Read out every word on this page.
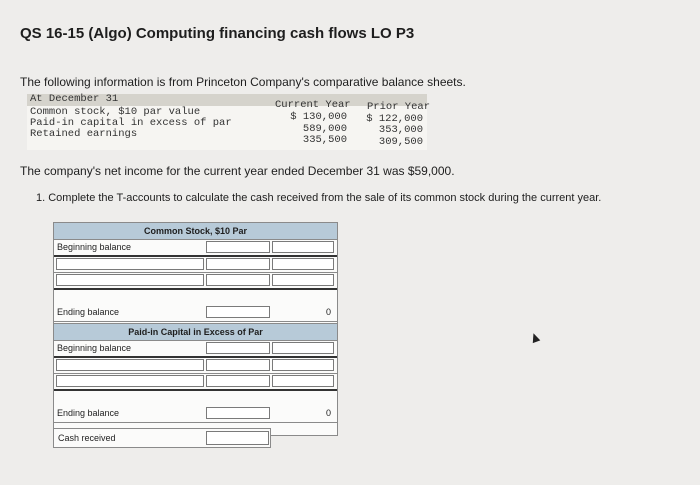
QS 16-15 (Algo) Computing financing cash flows LO P3
The following information is from Princeton Company's comparative balance sheets.
At December 31	Current Year Prior Year
Common stock, $10 par value	$ 130,000	$ 122,000
Paid-in capital in excess of par	589,000	353,000
Retained earnings	335,500	309,500
The company's net income for the current year ended December 31 was $59,000.
1. Complete the T-accounts to calculate the cash received from the sale of its common stock during the current year.
Common Stock, $10 Par
Beginning balance
Ending balance	0
Paid-in Capital in Excess of Par
Beginning balance
Ending balance	0
Cash received
